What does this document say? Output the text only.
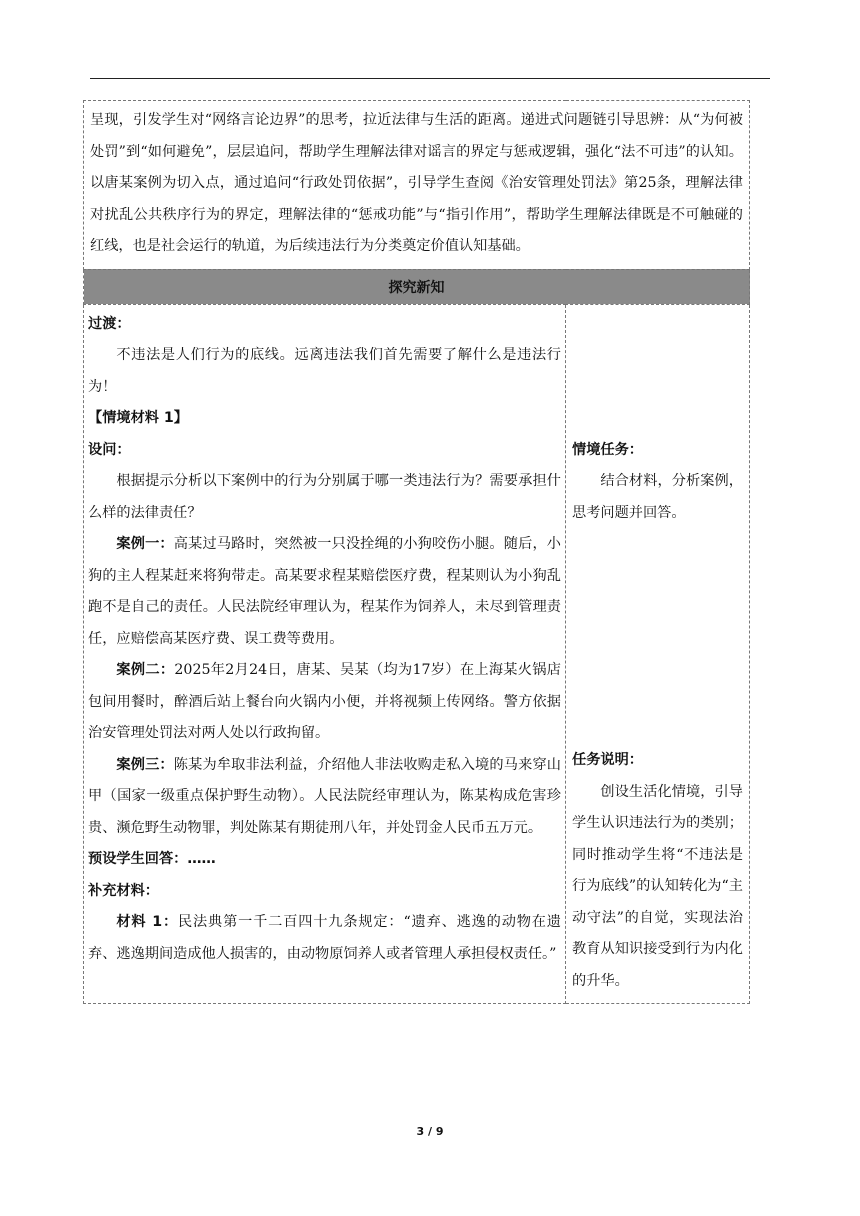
呈现，引发学生对“网络言论边界”的思考，拉近法律与生活的距离。递进式问题链引导思辨：从“为何被处罚”到“如何避免”，层层追问，帮助学生理解法律对谣言的界定与惩戒逻辑，强化“法不可违”的认知。以唐某案例为切入点，通过追问“行政处罚依据”，引导学生查阅《治安管理处罚法》第25条，理解法律对扰乱公共秩序行为的界定，理解法律的“惩戒功能”与“指引作用”，帮助学生理解法律既是不可触碰的红线，也是社会运行的轨道，为后续违法行为分类奠定价值认知基础。

探究新知

过渡：

不违法是人们行为的底线。远离违法我们首先需要了解什么是违法行为！

【情境材料 1】

设问：

根据提示分析以下案例中的行为分别属于哪一类违法行为？需要承担什么样的法律责任？

案例一：高某过马路时，突然被一只没拴绳的小狗咬伤小腿。随后，小狗的主人程某赶来将狗带走。高某要求程某赔偿医疗费，程某则认为小狗乱跑不是自己的责任。人民法院经审理认为，程某作为饲养人，未尽到管理责任，应赔偿高某医疗费、误工费等费用。

案例二：2025年2月24日，唐某、吴某（均为17岁）在上海某火锅店包间用餐时，醉酒后站上餐台向火锅内小便，并将视频上传网络。警方依据治安管理处罚法对两人处以行政拘留。

案例三：陈某为牟取非法利益，介绍他人非法收购走私入境的马来穿山甲（国家一级重点保护野生动物）。人民法院经审理认为，陈某构成危害珍贵、濒危野生动物罪，判处陈某有期徒刑八年，并处罚金人民币五万元。

预设学生回答：……

补充材料：

材料 1：民法典第一千二百四十九条规定：“遗弃、逃逸的动物在遗弃、逃逸期间造成他人损害的，由动物原饲养人或者管理人承担侵权责任。”

情境任务：

结合材料，分析案例，思考问题并回答。

任务说明：

创设生活化情境，引导学生认识违法行为的类别；同时推动学生将“不违法是行为底线”的认知转化为“主动守法”的自觉，实现法治教育从知识接受到行为内化的升华。

3 / 9
